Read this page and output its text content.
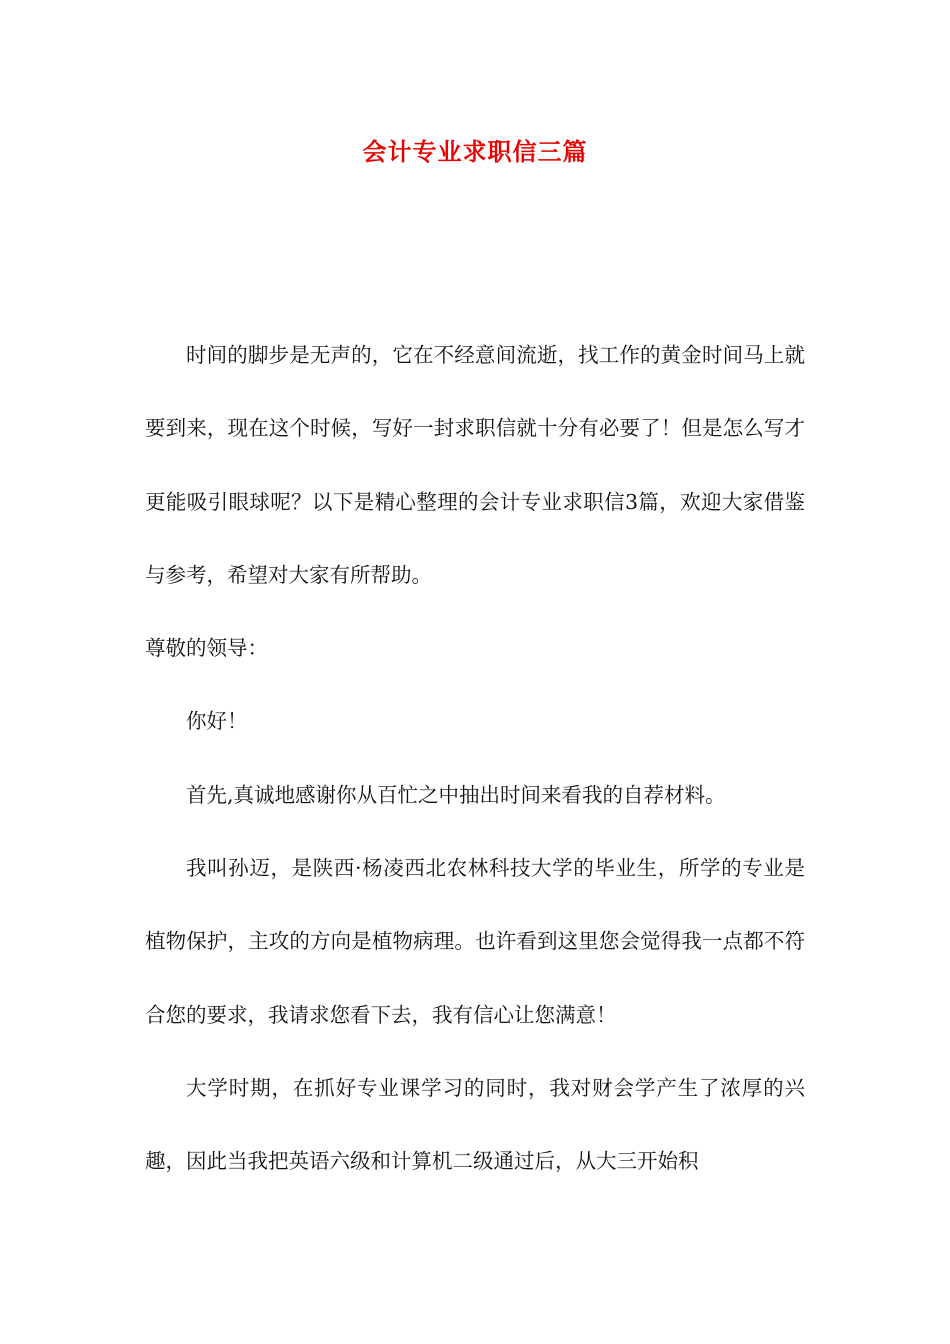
会计专业求职信三篇

时间的脚步是无声的，它在不经意间流逝，找工作的黄金时间马上就要到来，现在这个时候，写好一封求职信就十分有必要了！但是怎么写才更能吸引眼球呢？以下是精心整理的会计专业求职信3篇，欢迎大家借鉴与参考，希望对大家有所帮助。

尊敬的领导：

你好！

首先,真诚地感谢你从百忙之中抽出时间来看我的自荐材料。

我叫孙迈，是陕西·杨凌西北农林科技大学的毕业生，所学的专业是植物保护，主攻的方向是植物病理。也许看到这里您会觉得我一点都不符合您的要求，我请求您看下去，我有信心让您满意！

大学时期，在抓好专业课学习的同时，我对财会学产生了浓厚的兴趣，因此当我把英语六级和计算机二级通过后，从大三开始积
